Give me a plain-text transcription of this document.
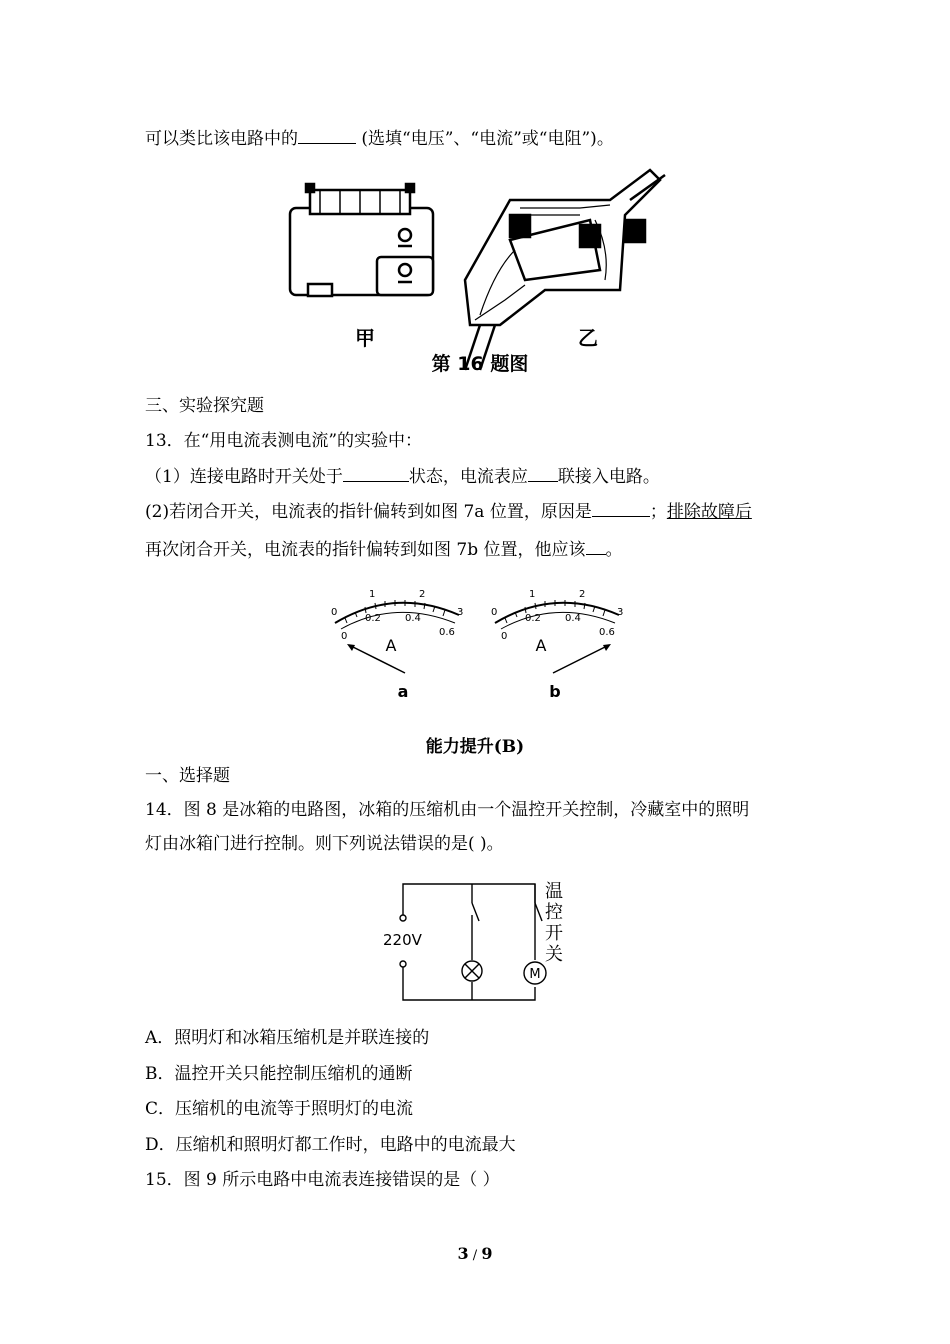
可以类比该电路中的	(选填“电压”、“电流”或“电阻”)。
甲	乙
第 16 题图
三、实验探究题
13．在“用电流表测电流”的实验中：
（1）连接电路时开关处于	状态，电流表应 联接入电路。
(2)若闭合开关，电流表的指针偏转到如图 7a 位置，原因是	；排除故障后
再次闭合开关，电流表的指针偏转到如图 7b 位置，他应该 。
0
1	2
3
0
0.2 0.4
0.6
A
a
0
1	2
3
0
0.2 0.4
0.6
A
b
能力提升(B)
一、选择题
14．图 8 是冰箱的电路图，冰箱的压缩机由一个温控开关控制，冷藏室中的照明
灯由冰箱门进行控制。则下列说法错误的是( )。
M
220V
温
控
开
关
A．照明灯和冰箱压缩机是并联连接的
B．温控开关只能控制压缩机的通断
C．压缩机的电流等于照明灯的电流
D．压缩机和照明灯都工作时，电路中的电流最大
15．图 9 所示电路中电流表连接错误的是（ ）
3 / 9
